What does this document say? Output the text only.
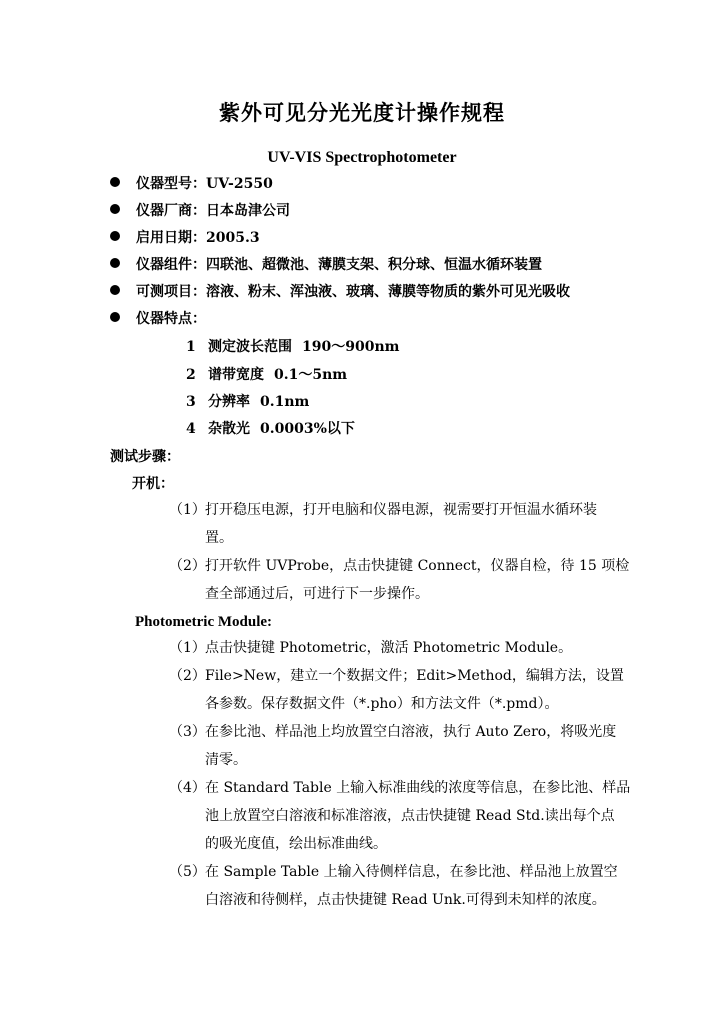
紫外可见分光光度计操作规程
UV-VIS Spectrophotometer
仪器型号：UV-2550
仪器厂商：日本岛津公司
启用日期：2005.3
仪器组件：四联池、超微池、薄膜支架、积分球、恒温水循环装置
可测项目：溶液、粉末、浑浊液、玻璃、薄膜等物质的紫外可见光吸收
仪器特点：
1 测定波长范围 190～900nm
2 谱带宽度 0.1～5nm
3 分辨率 0.1nm
4 杂散光 0.0003%以下
测试步骤：
开机：
（1） 打开稳压电源，打开电脑和仪器电源，视需要打开恒温水循环装
置。
（2） 打开软件 UVProbe，点击快捷键 Connect，仪器自检，待 15 项检
查全部通过后，可进行下一步操作。
Photometric Module:
（1） 点击快捷键 Photometric，激活 Photometric Module。
（2） File>New，建立一个数据文件；Edit>Method，编辑方法，设置
各参数。保存数据文件（*.pho）和方法文件（*.pmd）。
（3） 在参比池、样品池上均放置空白溶液，执行 Auto Zero，将吸光度
清零。
（4） 在 Standard Table 上输入标准曲线的浓度等信息，在参比池、样品
池上放置空白溶液和标准溶液，点击快捷键 Read Std.读出每个点
的吸光度值，绘出标准曲线。
（5） 在 Sample Table 上输入待侧样信息，在参比池、样品池上放置空
白溶液和待侧样，点击快捷键 Read Unk.可得到未知样的浓度。
